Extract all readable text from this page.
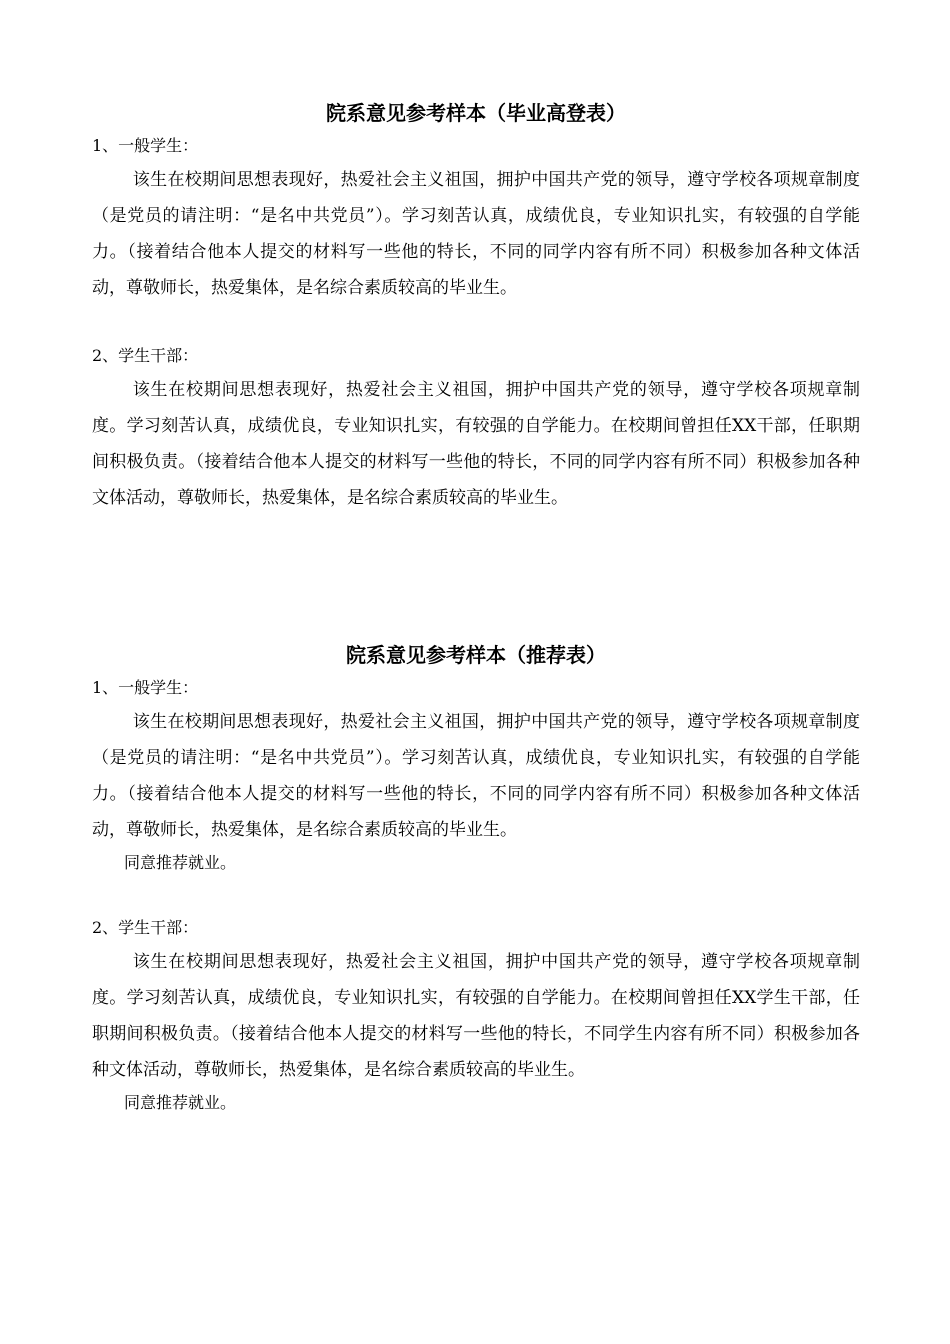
院系意见参考样本（毕业高登表）
1、一般学生：

该生在校期间思想表现好，热爱社会主义祖国，拥护中国共产党的领导，遵守学校各项规章制度（是党员的请注明：“是名中共党员”）。学习刻苦认真，成绩优良，专业知识扎实，有较强的自学能力。（接着结合他本人提交的材料写一些他的特长，不同的同学内容有所不同）积极参加各种文体活动，尊敬师长，热爱集体，是名综合素质较高的毕业生。

2、学生干部：

该生在校期间思想表现好，热爱社会主义祖国，拥护中国共产党的领导，遵守学校各项规章制度。学习刻苦认真，成绩优良，专业知识扎实，有较强的自学能力。在校期间曾担任XX干部，任职期间积极负责。（接着结合他本人提交的材料写一些他的特长，不同的同学内容有所不同）积极参加各种文体活动，尊敬师长，热爱集体，是名综合素质较高的毕业生。

院系意见参考样本（推荐表）
1、一般学生：

该生在校期间思想表现好，热爱社会主义祖国，拥护中国共产党的领导，遵守学校各项规章制度（是党员的请注明：“是名中共党员”）。学习刻苦认真，成绩优良，专业知识扎实，有较强的自学能力。（接着结合他本人提交的材料写一些他的特长，不同的同学内容有所不同）积极参加各种文体活动，尊敬师长，热爱集体，是名综合素质较高的毕业生。

同意推荐就业。
2、学生干部：

该生在校期间思想表现好，热爱社会主义祖国，拥护中国共产党的领导，遵守学校各项规章制度。学习刻苦认真，成绩优良，专业知识扎实，有较强的自学能力。在校期间曾担任XX学生干部，任职期间积极负责。（接着结合他本人提交的材料写一些他的特长，不同学生内容有所不同）积极参加各种文体活动，尊敬师长，热爱集体，是名综合素质较高的毕业生。

同意推荐就业。
